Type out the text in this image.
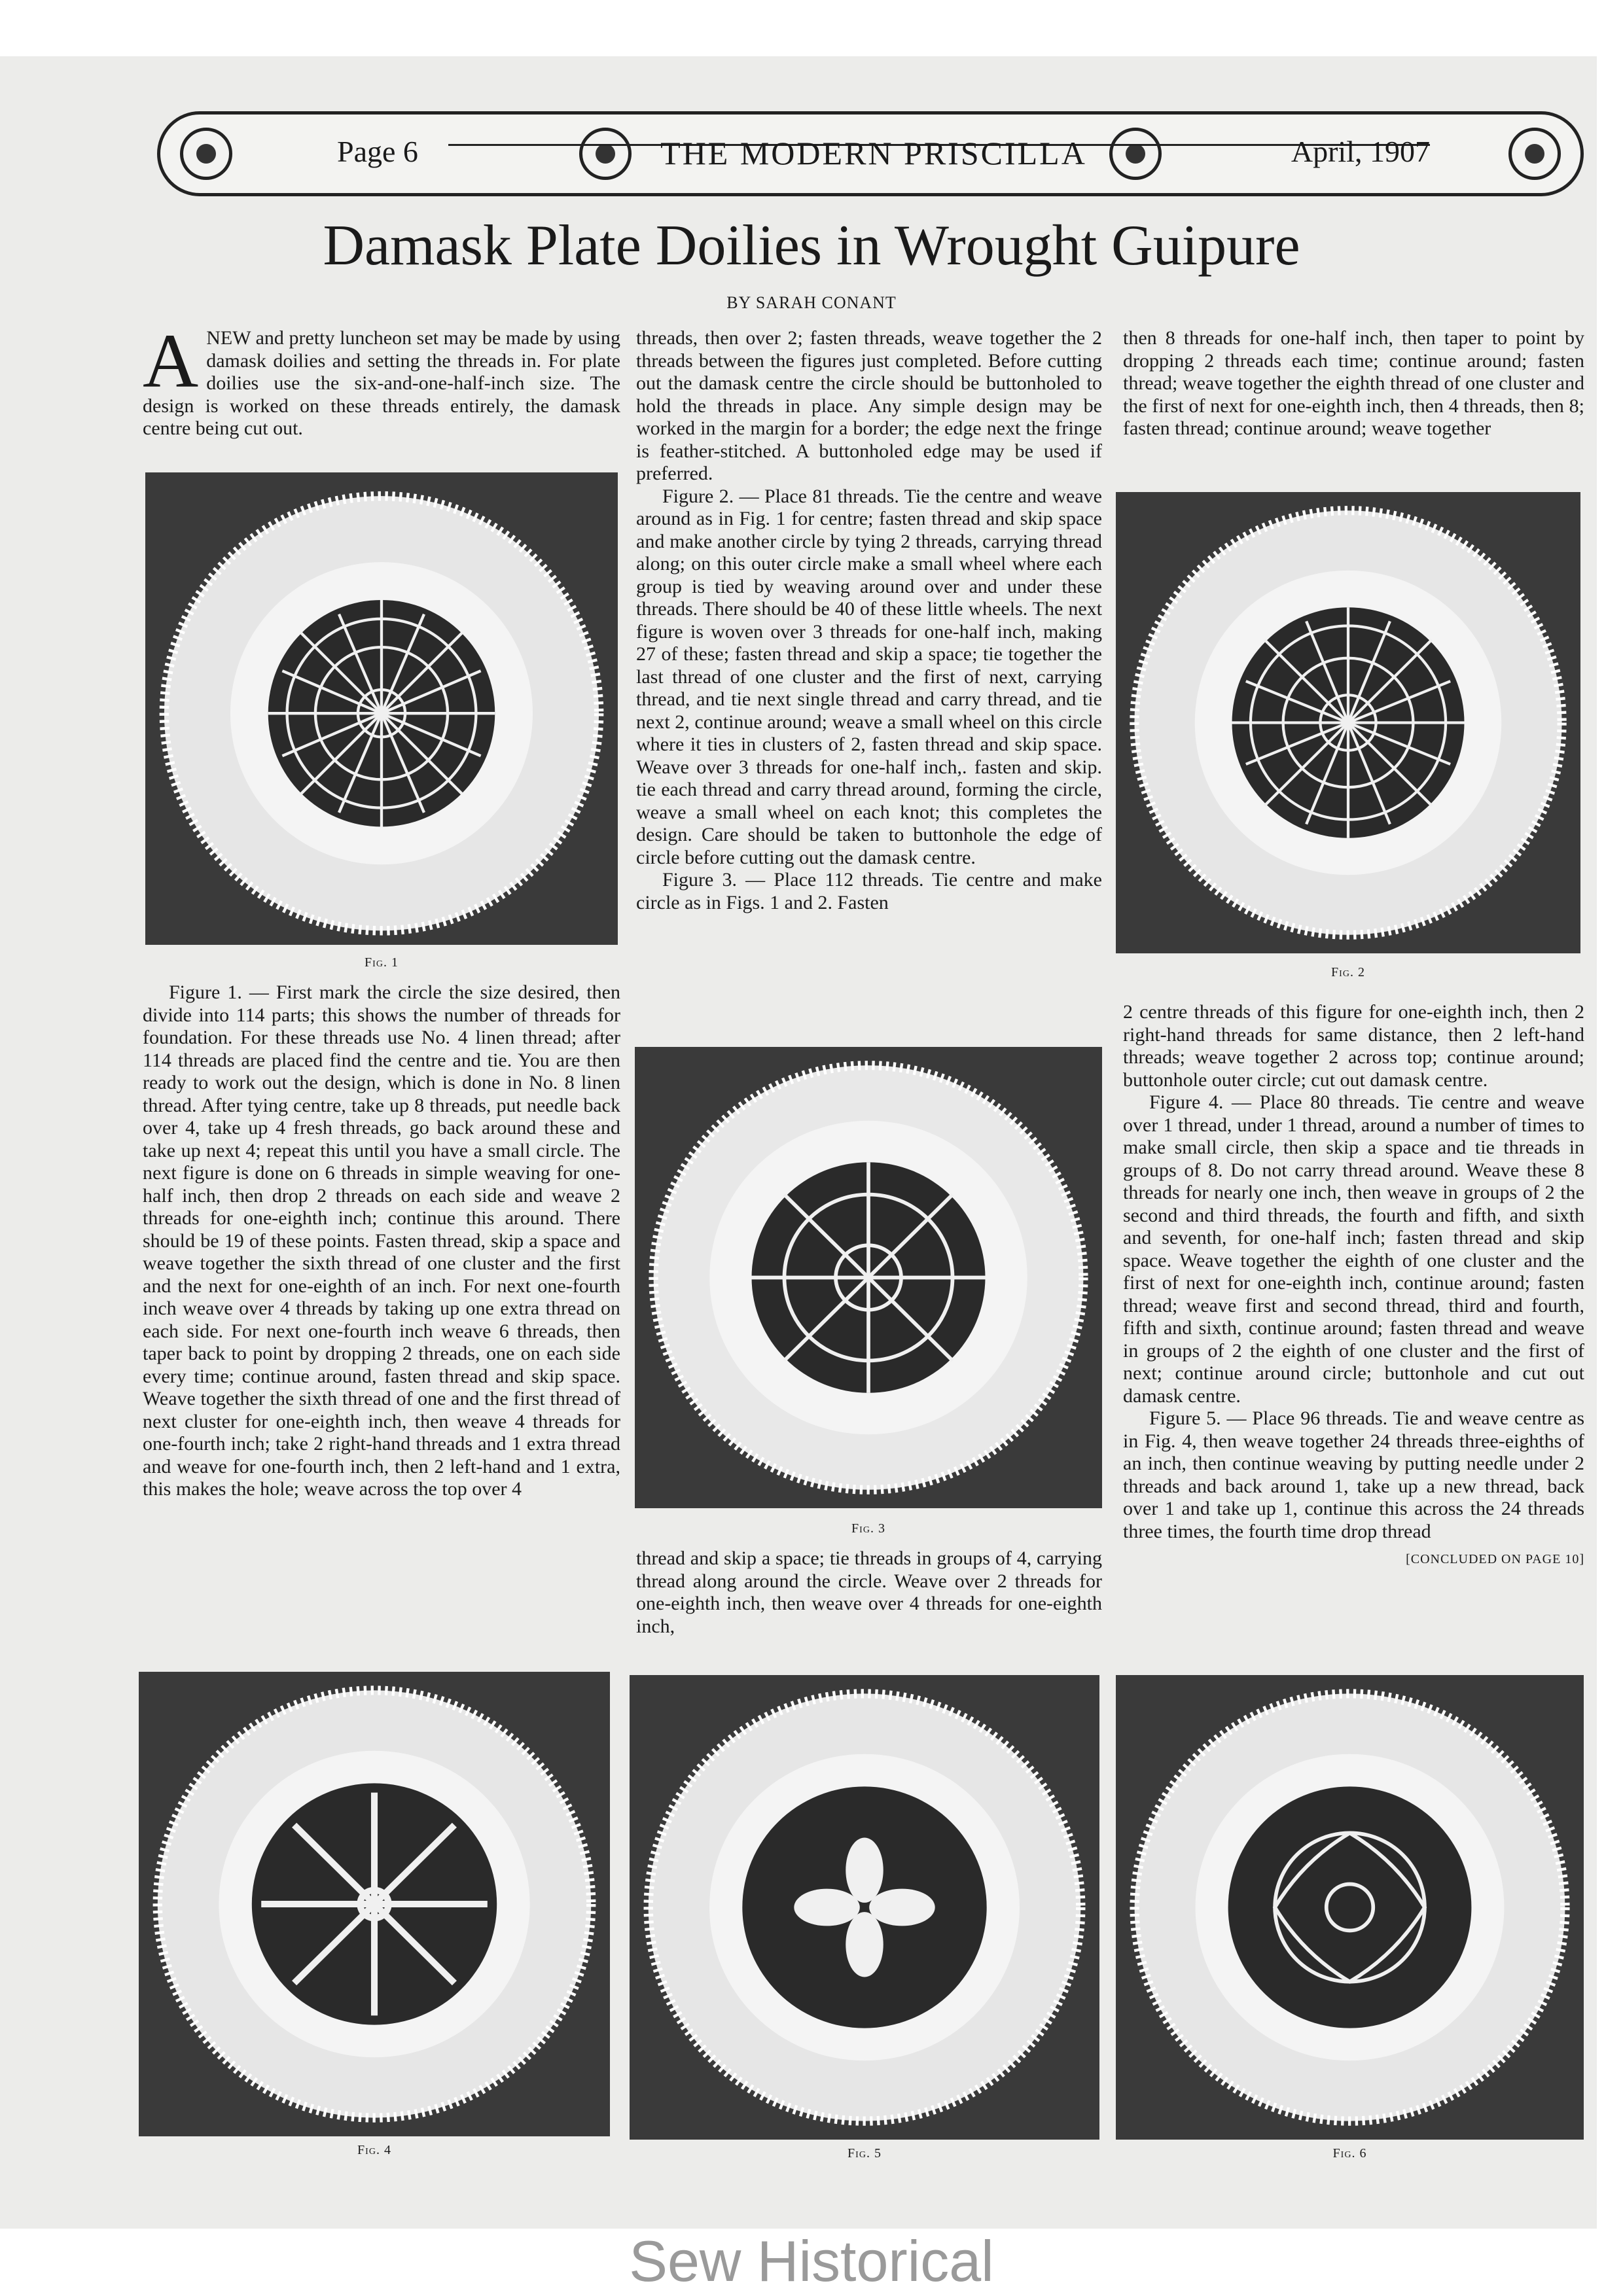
Page 6	THE MODERN PRISCILLA	April, 1907
Damask Plate Doilies in Wrought Guipure
BY SARAH CONANT

ANEW and pretty luncheon set may be made by using damask doilies and setting the threads in. For plate doilies use the six-and-one-half-inch size. The design is worked on these threads entirely, the damask centre being cut out.

Fig. 1

Figure 1. — First mark the circle the size desired, then divide into 114 parts; this shows the number of threads for foundation. For these threads use No. 4 linen thread; after 114 threads are placed find the centre and tie. You are then ready to work out the design, which is done in No. 8 linen thread. After tying centre, take up 8 threads, put needle back over 4, take up 4 fresh threads, go back around these and take up next 4; repeat this until you have a small circle. The next figure is done on 6 threads in simple weaving for one-half inch, then drop 2 threads on each side and weave 2 threads for one-eighth inch; continue this around. There should be 19 of these points. Fasten thread, skip a space and weave together the sixth thread of one cluster and the first and the next for one-eighth of an inch. For next one-fourth inch weave over 4 threads by taking up one extra thread on each side. For next one-fourth inch weave 6 threads, then taper back to point by dropping 2 threads, one on each side every time; continue around, fasten thread and skip space. Weave together the sixth thread of one and the first thread of next cluster for one-eighth inch, then weave 4 threads for one-fourth inch; take 2 right-hand threads and 1 extra thread and weave for one-fourth inch, then 2 left-hand and 1 extra, this makes the hole; weave across the top over 4

threads, then over 2; fasten threads, weave together the 2 threads between the figures just completed. Before cutting out the damask centre the circle should be buttonholed to hold the threads in place. Any simple design may be worked in the margin for a border; the edge next the fringe is feather-stitched. A buttonholed edge may be used if preferred.

Figure 2. — Place 81 threads. Tie the centre and weave around as in Fig. 1 for centre; fasten thread and skip space and make another circle by tying 2 threads, carrying thread along; on this outer circle make a small wheel where each group is tied by weaving around over and under these threads. There should be 40 of these little wheels. The next figure is woven over 3 threads for one-half inch, making 27 of these; fasten thread and skip a space; tie together the last thread of one cluster and the first of next, carrying thread, and tie next single thread and carry thread, and tie next 2, continue around; weave a small wheel on this circle where it ties in clusters of 2, fasten thread and skip space. Weave over 3 threads for one-half inch,. fasten and skip. tie each thread and carry thread around, forming the circle, weave a small wheel on each knot; this completes the design. Care should be taken to buttonhole the edge of circle before cutting out the damask centre.

Figure 3. — Place 112 threads. Tie centre and make circle as in Figs. 1 and 2. Fasten

Fig. 3

thread and skip a space; tie threads in groups of 4, carrying thread along around the circle. Weave over 2 threads for one-eighth inch, then weave over 4 threads for one-eighth inch,

then 8 threads for one-half inch, then taper to point by dropping 2 threads each time; continue around; fasten thread; weave together the eighth thread of one cluster and the first of next for one-eighth inch, then 4 threads, then 8; fasten thread; continue around; weave together

Fig. 2

2 centre threads of this figure for one-eighth inch, then 2 right-hand threads for same distance, then 2 left-hand threads; weave together 2 across top; continue around; buttonhole outer circle; cut out damask centre.

Figure 4. — Place 80 threads. Tie centre and weave over 1 thread, under 1 thread, around a number of times to make small circle, then skip a space and tie threads in groups of 8. Do not carry thread around. Weave these 8 threads for nearly one inch, then weave in groups of 2 the second and third threads, the fourth and fifth, and sixth and seventh, for one-half inch; fasten thread and skip space. Weave together the eighth of one cluster and the first of next for one-eighth inch, continue around; fasten thread; weave first and second thread, third and fourth, fifth and sixth, continue around; fasten thread and weave in groups of 2 the eighth of one cluster and the first of next; continue around circle; buttonhole and cut out damask centre.

Figure 5. — Place 96 threads. Tie and weave centre as in Fig. 4, then weave together 24 threads three-eighths of an inch, then continue weaving by putting needle under 2 threads and back around 1, take up a new thread, back over 1 and take up 1, continue this across the 24 threads three times, the fourth time drop thread

[CONCLUDED ON PAGE 10]
Fig. 4	Fig. 5	Fig. 6
Sew Historical
